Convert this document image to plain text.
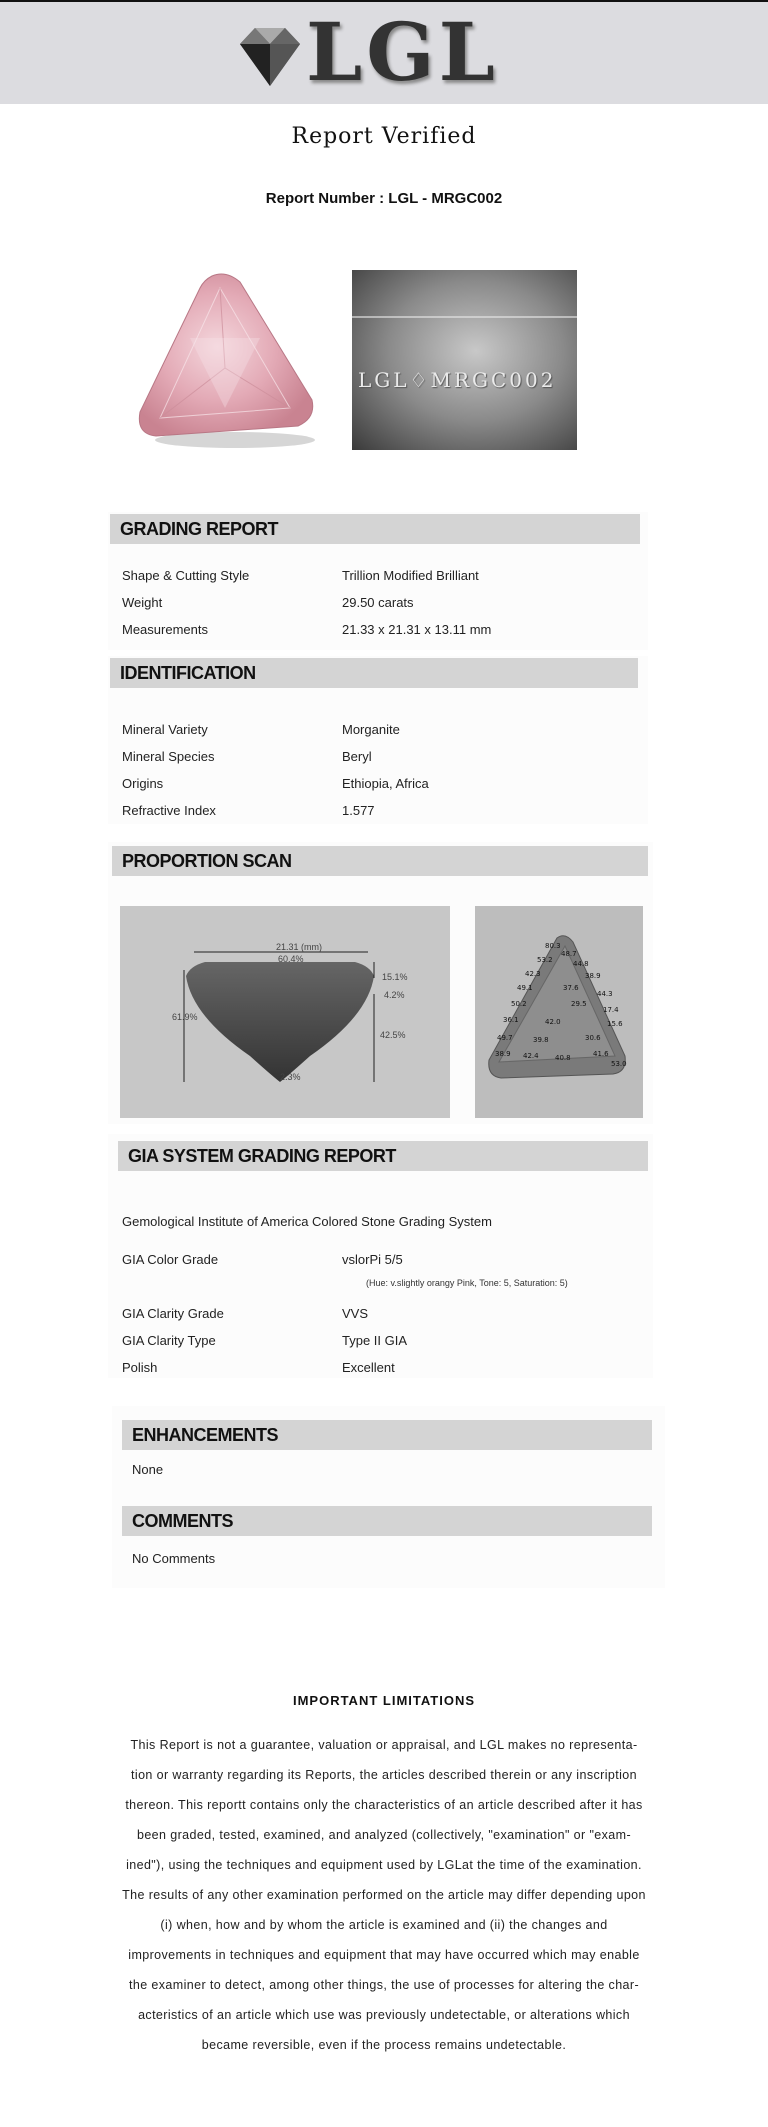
LGL
Report Verified
Report Number : LGL - MRGC002
LGL♢MRGC002
GRADING REPORT
Shape & Cutting Style	Trillion Modified Brilliant
Weight	29.50 carats
Measurements	21.33 x 21.31 x 13.11 mm
IDENTIFICATION
Mineral Variety	Morganite
Mineral Species	Beryl
Origins	Ethiopia, Africa
Refractive Index	1.577
PROPORTION SCAN
21.31 (mm)
60.4%
15.1%
4.2%
42.5%
61.9%
2.3%
80.3
48.7
53.2	44.8
42.3	38.9
49.1	37.6
44.3
50.2	29.5
17.4
36.1	42.0	15.6
49.7	39.8	30.6
38.9 42.4 40.8	41.6
53.0
GIA SYSTEM GRADING REPORT
Gemological Institute of America Colored Stone Grading System
GIA Color Grade	vslorPi 5/5
(Hue: v.slightly orangy Pink, Tone: 5, Saturation: 5)
GIA Clarity Grade	VVS
GIA Clarity Type	Type II GIA
Polish	Excellent
ENHANCEMENTS
None
COMMENTS
No Comments
IMPORTANT LIMITATIONS
This Report is not a guarantee, valuation or appraisal, and LGL makes no representa-tion or warranty regarding its Reports, the articles described therein or any inscription thereon. This reportt contains only the characteristics of an article described after it has been graded, tested, examined, and analyzed (collectively, "examination" or "exam-ined"), using the techniques and equipment used by LGLat the time of the examination. The results of any other examination performed on the article may differ depending upon (i) when, how and by whom the article is examined and (ii) the changes and improvements in techniques and equipment that may have occurred which may enable the examiner to detect, among other things, the use of processes for altering the char-acteristics of an article which use was previously undetectable, or alterations which became reversible, even if the process remains undetectable.
